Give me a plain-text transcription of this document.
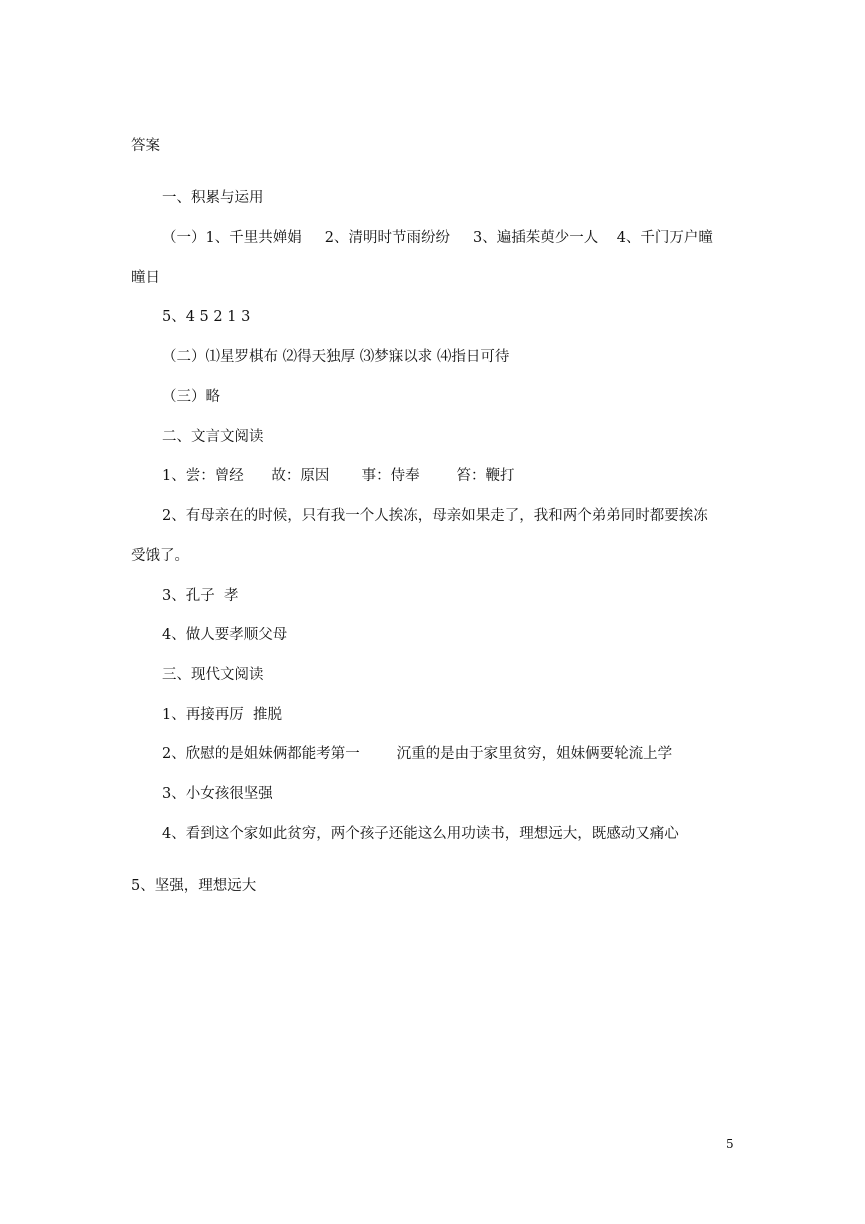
答案
一、积累与运用
（一）1、千里共婵娟     2、清明时节雨纷纷     3、遍插茱萸少一人    4、千门万户曈
曈日
5、4 5 2 1 3
（二）⑴星罗棋布 ⑵得天独厚 ⑶梦寐以求 ⑷指日可待
（三）略
二、文言文阅读
1、尝：曾经      故：原因       事：侍奉        笞：鞭打
2、有母亲在的时候，只有我一个人挨冻，母亲如果走了，我和两个弟弟同时都要挨冻
受饿了。
3、孔子  孝
4、做人要孝顺父母
三、现代文阅读
1、再接再厉  推脱
2、欣慰的是姐妹俩都能考第一        沉重的是由于家里贫穷，姐妹俩要轮流上学
3、小女孩很坚强
4、看到这个家如此贫穷，两个孩子还能这么用功读书，理想远大，既感动又痛心
5、坚强，理想远大
5
